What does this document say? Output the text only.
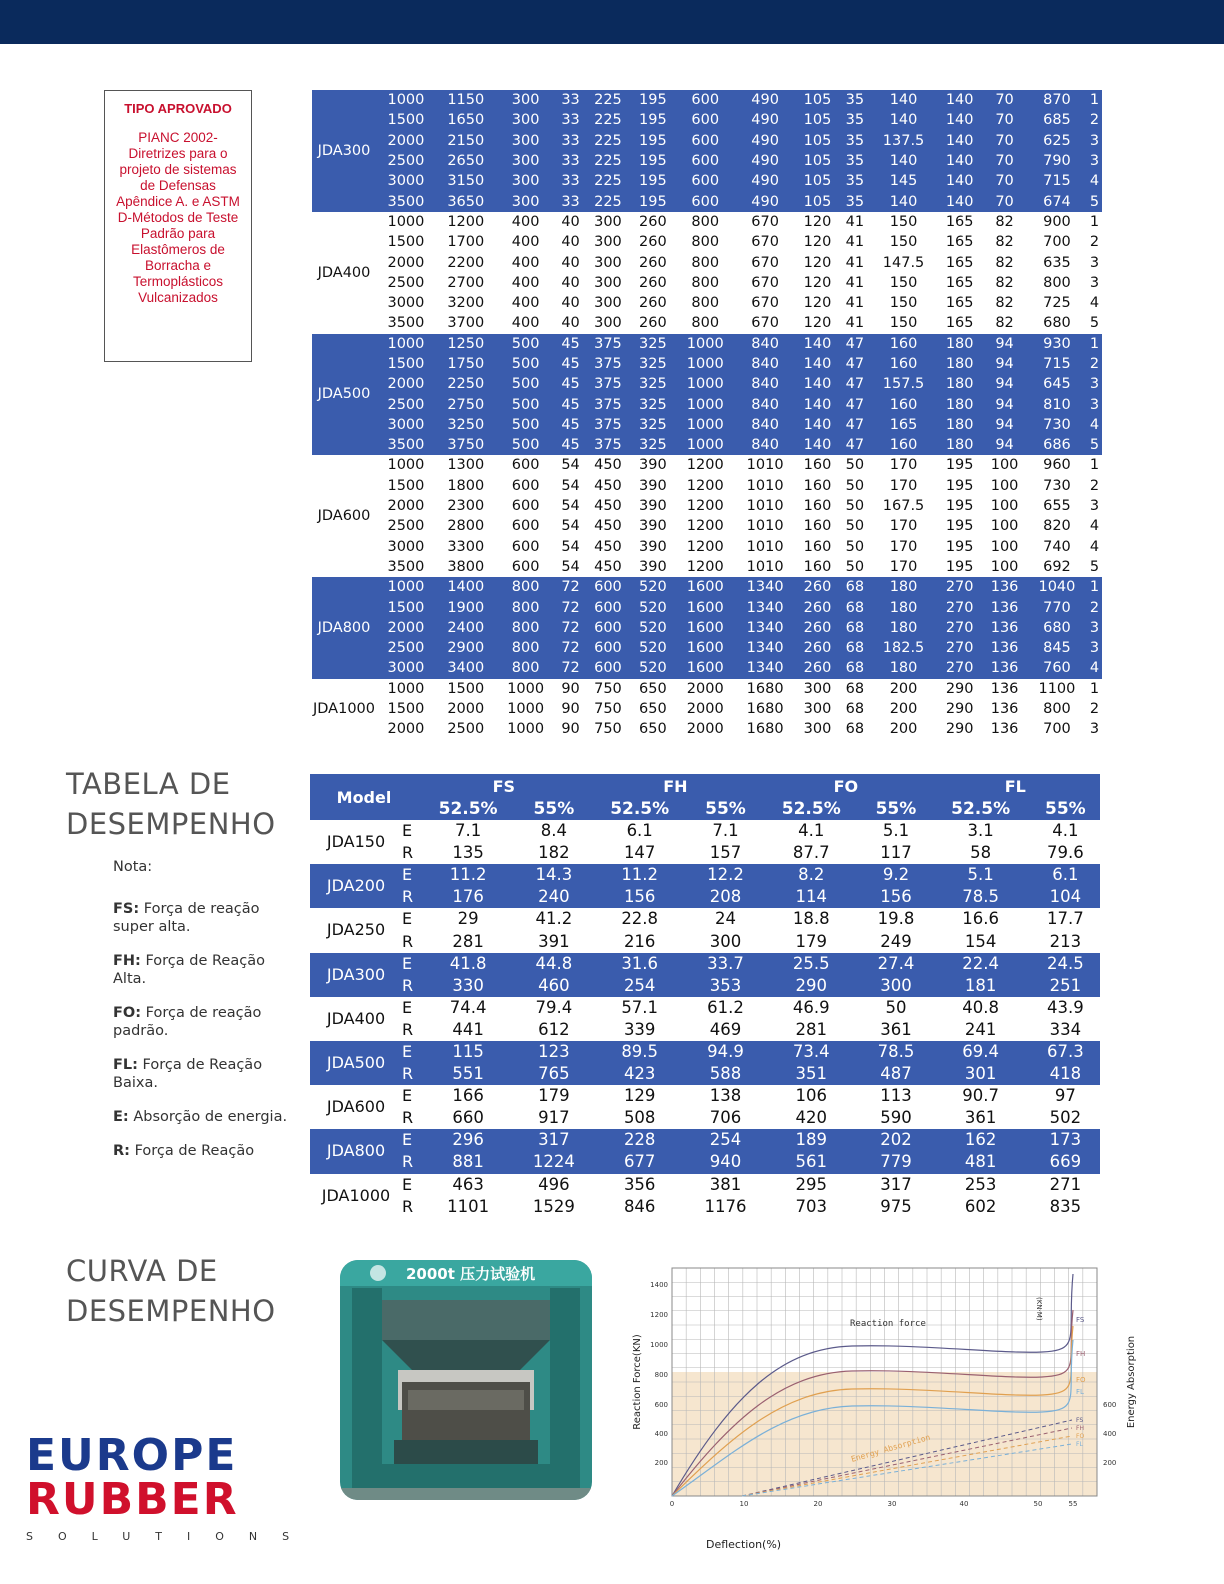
TIPO APROVADO
PIANC 2002-Diretrizes para o projeto de sistemas de Defensas Apêndice A. e ASTM D-Métodos de Teste Padrão para Elastômeros de Borracha e Termoplásticos Vulcanizados
JDA300	1000	1150	300	33	225	195	600	490	105	35	140	140	70	870	1
	1500	1650	300	33	225	195	600	490	105	35	140	140	70	685	2
	2000	2150	300	33	225	195	600	490	105	35	137.5	140	70	625	3
	2500	2650	300	33	225	195	600	490	105	35	140	140	70	790	3
	3000	3150	300	33	225	195	600	490	105	35	145	140	70	715	4
	3500	3650	300	33	225	195	600	490	105	35	140	140	70	674	5
JDA400	1000	1200	400	40	300	260	800	670	120	41	150	165	82	900	1
	1500	1700	400	40	300	260	800	670	120	41	150	165	82	700	2
	2000	2200	400	40	300	260	800	670	120	41	147.5	165	82	635	3
	2500	2700	400	40	300	260	800	670	120	41	150	165	82	800	3
	3000	3200	400	40	300	260	800	670	120	41	150	165	82	725	4
	3500	3700	400	40	300	260	800	670	120	41	150	165	82	680	5
JDA500	1000	1250	500	45	375	325	1000	840	140	47	160	180	94	930	1
	1500	1750	500	45	375	325	1000	840	140	47	160	180	94	715	2
	2000	2250	500	45	375	325	1000	840	140	47	157.5	180	94	645	3
	2500	2750	500	45	375	325	1000	840	140	47	160	180	94	810	3
	3000	3250	500	45	375	325	1000	840	140	47	165	180	94	730	4
	3500	3750	500	45	375	325	1000	840	140	47	160	180	94	686	5
JDA600	1000	1300	600	54	450	390	1200	1010	160	50	170	195	100	960	1
	1500	1800	600	54	450	390	1200	1010	160	50	170	195	100	730	2
	2000	2300	600	54	450	390	1200	1010	160	50	167.5	195	100	655	3
	2500	2800	600	54	450	390	1200	1010	160	50	170	195	100	820	4
	3000	3300	600	54	450	390	1200	1010	160	50	170	195	100	740	4
	3500	3800	600	54	450	390	1200	1010	160	50	170	195	100	692	5
JDA800	1000	1400	800	72	600	520	1600	1340	260	68	180	270	136	1040	1
	1500	1900	800	72	600	520	1600	1340	260	68	180	270	136	770	2
	2000	2400	800	72	600	520	1600	1340	260	68	180	270	136	680	3
	2500	2900	800	72	600	520	1600	1340	260	68	182.5	270	136	845	3
	3000	3400	800	72	600	520	1600	1340	260	68	180	270	136	760	4
JDA1000	1000	1500	1000	90	750	650	2000	1680	300	68	200	290	136	1100	1
	1500	2000	1000	90	750	650	2000	1680	300	68	200	290	136	800	2
	2000	2500	1000	90	750	650	2000	1680	300	68	200	290	136	700	3
TABELA DE
DESEMPENHO
Nota:
FS: Força de reação super alta.
FH: Força de Reação Alta.
FO: Força de reação padrão.
FL: Força de Reação Baixa.
E: Absorção de energia.
R: Força de Reação
Model		FS		FH		FO		FL	
		52.5%	55%	52.5%	55%	52.5%	55%	52.5%	55%
JDA150	E	7.1	8.4	6.1	7.1	4.1	5.1	3.1	4.1
	R	135	182	147	157	87.7	117	58	79.6
JDA200	E	11.2	14.3	11.2	12.2	8.2	9.2	5.1	6.1
	R	176	240	156	208	114	156	78.5	104
JDA250	E	29	41.2	22.8	24	18.8	19.8	16.6	17.7
	R	281	391	216	300	179	249	154	213
JDA300	E	41.8	44.8	31.6	33.7	25.5	27.4	22.4	24.5
	R	330	460	254	353	290	300	181	251
JDA400	E	74.4	79.4	57.1	61.2	46.9	50	40.8	43.9
	R	441	612	339	469	281	361	241	334
JDA500	E	115	123	89.5	94.9	73.4	78.5	69.4	67.3
	R	551	765	423	588	351	487	301	418
JDA600	E	166	179	129	138	106	113	90.7	97
	R	660	917	508	706	420	590	361	502
JDA800	E	296	317	228	254	189	202	162	173
	R	881	1224	677	940	561	779	481	669
JDA1000	E	463	496	356	381	295	317	253	271
	R	1101	1529	846	1176	703	975	602	835
CURVA DE
DESEMPENHO
2000t 压力试验机
1400
1200
1000
800
600
400
200
600
400
200
0	10	20	30	40	50	55
Reaction Force(KN)	Energy Absorption
Deflection(%)
Reaction force
(KN·M)
Energy Absorption
FS
FS
FH
FH
FO
FO
FL
FL
EUROPE
RUBBER
SOLUTIONS
